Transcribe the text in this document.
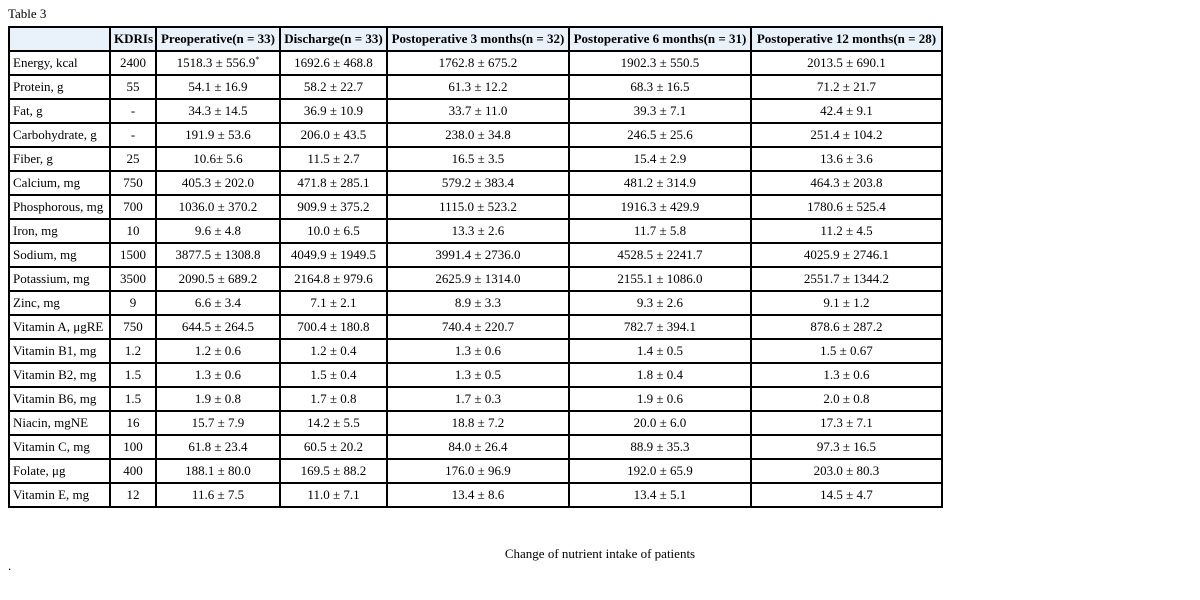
Table 3
	KDRIs	Preoperative(n = 33)	Discharge(n = 33)	Postoperative 3 months(n = 32)	Postoperative 6 months(n = 31)	Postoperative 12 months(n = 28)
Energy, kcal	2400	1518.3 ± 556.9*	1692.6 ± 468.8	1762.8 ± 675.2	1902.3 ± 550.5	2013.5 ± 690.1
Protein, g	55	54.1 ± 16.9	58.2 ± 22.7	61.3 ± 12.2	68.3 ± 16.5	71.2 ± 21.7
Fat, g	-	34.3 ± 14.5	36.9 ± 10.9	33.7 ± 11.0	39.3 ± 7.1	42.4 ± 9.1
Carbohydrate, g	-	191.9 ± 53.6	206.0 ± 43.5	238.0 ± 34.8	246.5 ± 25.6	251.4 ± 104.2
Fiber, g	25	10.6± 5.6	11.5 ± 2.7	16.5 ± 3.5	15.4 ± 2.9	13.6 ± 3.6
Calcium, mg	750	405.3 ± 202.0	471.8 ± 285.1	579.2 ± 383.4	481.2 ± 314.9	464.3 ± 203.8
Phosphorous, mg	700	1036.0 ± 370.2	909.9 ± 375.2	1115.0 ± 523.2	1916.3 ± 429.9	1780.6 ± 525.4
Iron, mg	10	9.6 ± 4.8	10.0 ± 6.5	13.3 ± 2.6	11.7 ± 5.8	11.2 ± 4.5
Sodium, mg	1500	3877.5 ± 1308.8	4049.9 ± 1949.5	3991.4 ± 2736.0	4528.5 ± 2241.7	4025.9 ± 2746.1
Potassium, mg	3500	2090.5 ± 689.2	2164.8 ± 979.6	2625.9 ± 1314.0	2155.1 ± 1086.0	2551.7 ± 1344.2
Zinc, mg	9	6.6 ± 3.4	7.1 ± 2.1	8.9 ± 3.3	9.3 ± 2.6	9.1 ± 1.2
Vitamin A, μgRE	750	644.5 ± 264.5	700.4 ± 180.8	740.4 ± 220.7	782.7 ± 394.1	878.6 ± 287.2
Vitamin B1, mg	1.2	1.2 ± 0.6	1.2 ± 0.4	1.3 ± 0.6	1.4 ± 0.5	1.5 ± 0.67
Vitamin B2, mg	1.5	1.3 ± 0.6	1.5 ± 0.4	1.3 ± 0.5	1.8 ± 0.4	1.3 ± 0.6
Vitamin B6, mg	1.5	1.9 ± 0.8	1.7 ± 0.8	1.7 ± 0.3	1.9 ± 0.6	2.0 ± 0.8
Niacin, mgNE	16	15.7 ± 7.9	14.2 ± 5.5	18.8 ± 7.2	20.0 ± 6.0	17.3 ± 7.1
Vitamin C, mg	100	61.8 ± 23.4	60.5 ± 20.2	84.0 ± 26.4	88.9 ± 35.3	97.3 ± 16.5
Folate, μg	400	188.1 ± 80.0	169.5 ± 88.2	176.0 ± 96.9	192.0 ± 65.9	203.0 ± 80.3
Vitamin E, mg	12	11.6 ± 7.5	11.0 ± 7.1	13.4 ± 8.6	13.4 ± 5.1	14.5 ± 4.7
Change of nutrient intake of patients
.
